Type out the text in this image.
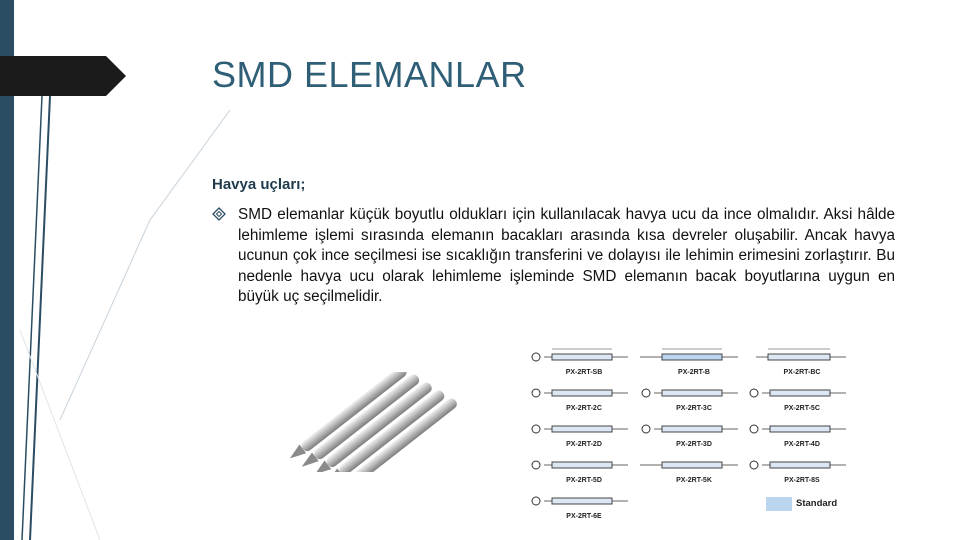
SMD ELEMANLAR
Havya uçları;
SMD elemanlar küçük boyutlu oldukları için kullanılacak havya ucu da ince olmalıdır. Aksi hâlde lehimleme işlemi sırasında elemanın bacakları arasında kısa devreler oluşabilir. Ancak havya ucunun çok ince seçilmesi ise sıcaklığın transferini ve dolayısı ile lehimin erimesini zorlaştırır. Bu nedenle havya ucu olarak lehimleme işleminde SMD elemanın bacak boyutlarına uygun en büyük uç seçilmelidir.
PX-2RT-SB	PX-2RT-B	PX-2RT-BC
PX-2RT-2C	PX-2RT-3C	PX-2RT-5C
PX-2RT-2D	PX-2RT-3D	PX-2RT-4D
PX-2RT-5D	PX-2RT-5K	PX-2RT-8S
PX-2RT-6E
Standard
